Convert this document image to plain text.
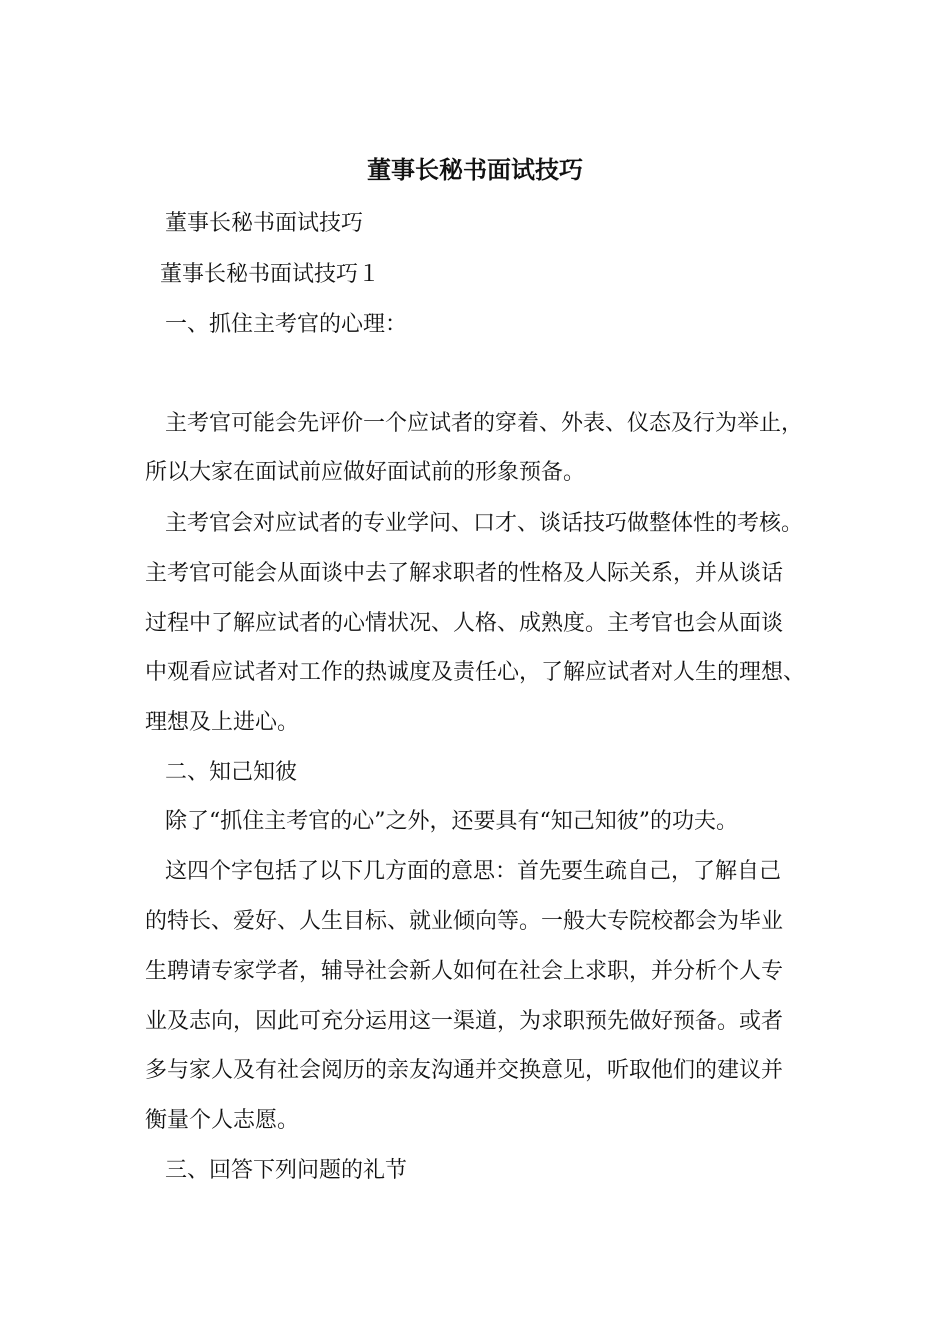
董事长秘书面试技巧
董事长秘书面试技巧
董事长秘书面试技巧１
一、抓住主考官的心理：
主考官可能会先评价一个应试者的穿着、外表、仪态及行为举止，
所以大家在面试前应做好面试前的形象预备。
主考官会对应试者的专业学问、口才、谈话技巧做整体性的考核。
主考官可能会从面谈中去了解求职者的性格及人际关系，并从谈话
过程中了解应试者的心情状况、人格、成熟度。主考官也会从面谈
中观看应试者对工作的热诚度及责任心，了解应试者对人生的理想、
理想及上进心。
二、知己知彼
除了“抓住主考官的心”之外，还要具有“知己知彼”的功夫。
这四个字包括了以下几方面的意思：首先要生疏自己，了解自己
的特长、爱好、人生目标、就业倾向等。一般大专院校都会为毕业
生聘请专家学者，辅导社会新人如何在社会上求职，并分析个人专
业及志向，因此可充分运用这一渠道，为求职预先做好预备。或者
多与家人及有社会阅历的亲友沟通并交换意见，听取他们的建议并
衡量个人志愿。
三、回答下列问题的礼节
